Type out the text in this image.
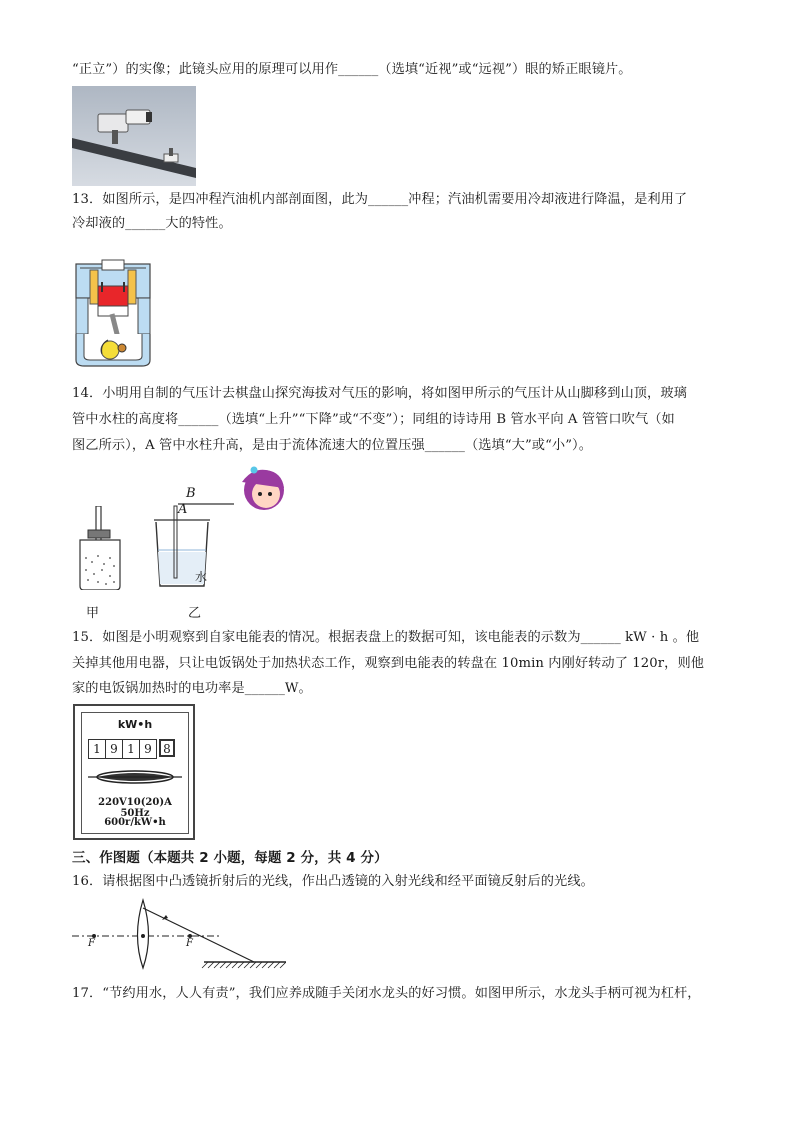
“正立”）的实像；此镜头应用的原理可以用作______（选填“近视”或“远视”）眼的矫正眼镜片。
13．如图所示，是四冲程汽油机内部剖面图，此为______冲程；汽油机需要用冷却液进行降温，是利用了
冷却液的______大的特性。
14．小明用自制的气压计去棋盘山探究海拔对气压的影响，将如图甲所示的气压计从山脚移到山顶，玻璃
管中水柱的高度将______（选填“上升”“下降”或“不变”）；同组的诗诗用 B 管水平向 A 管管口吹气（如
图乙所示），A 管中水柱升高，是由于流体流速大的位置压强______（选填“大”或“小”）。
甲
B
A
水
乙
15．如图是小明观察到自家电能表的情况。根据表盘上的数据可知，该电能表的示数为______ kW · h 。他
关掉其他用电器，只让电饭锅处于加热状态工作，观察到电能表的转盘在 10min 内刚好转动了 120r，则他
家的电饭锅加热时的电功率是______W。
kW•h
1 9 1 9 8
220V10(20)A 50Hz
600r/kW•h
三、作图题（本题共 2 小题，每题 2 分，共 4 分）
16．请根据图中凸透镜折射后的光线，作出凸透镜的入射光线和经平面镜反射后的光线。
F	F
17．“节约用水，人人有责”，我们应养成随手关闭水龙头的好习惯。如图甲所示，水龙头手柄可视为杠杆，
